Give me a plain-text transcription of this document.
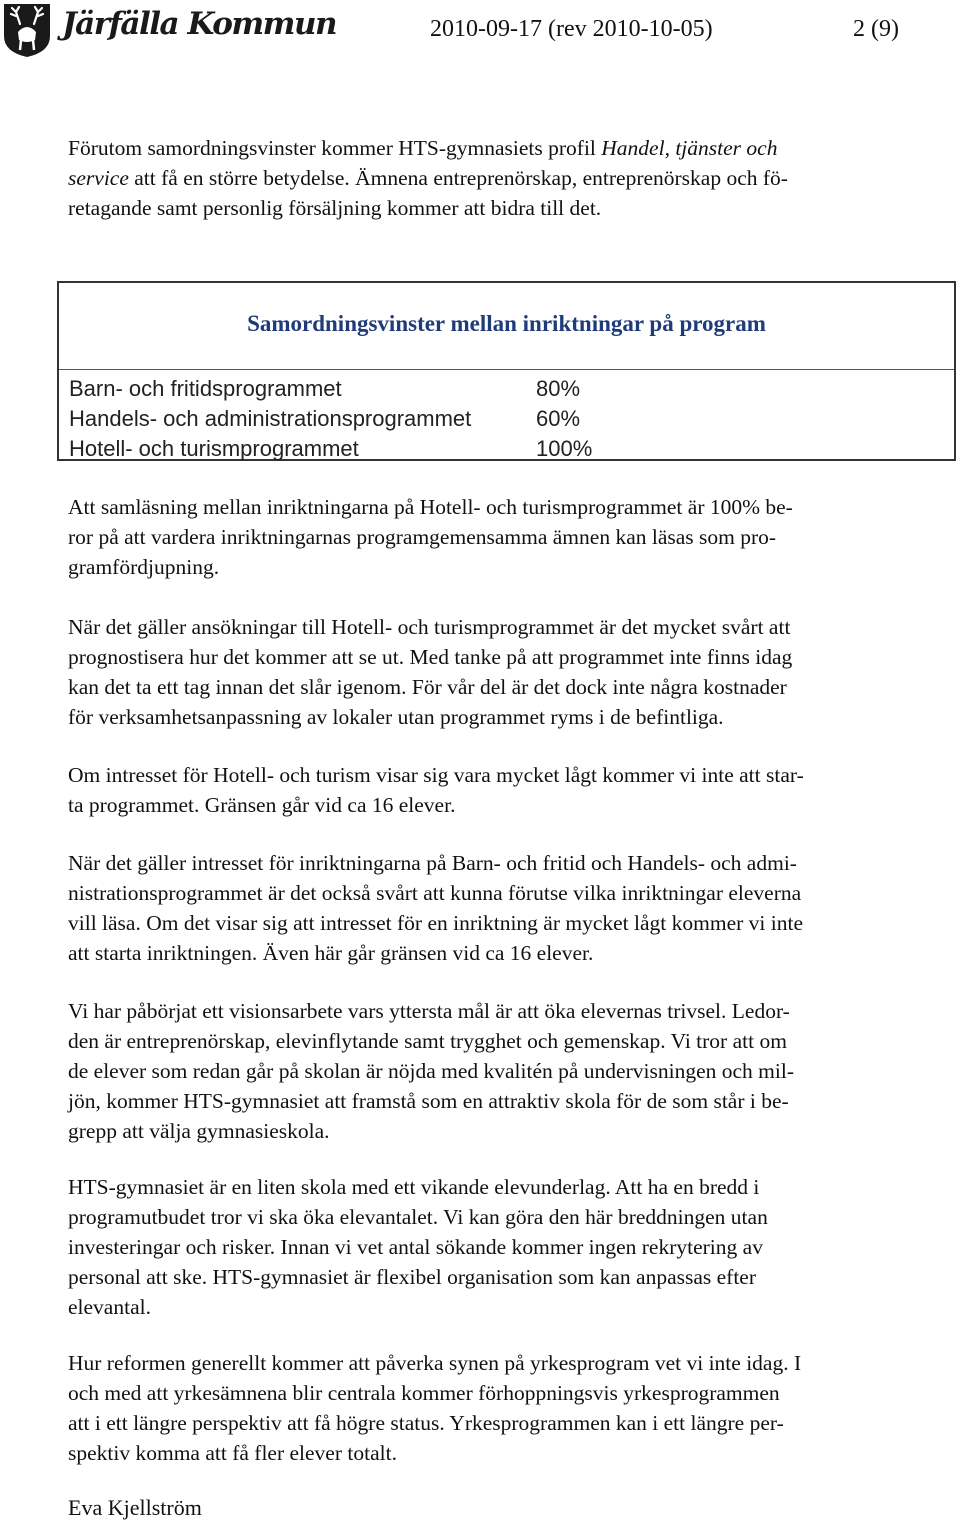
Järfälla Kommun	2010-09-17 (rev 2010-10-05)	2 (9)
Förutom samordningsvinster kommer HTS-gymnasiets profil Handel, tjänster och
service att få en större betydelse. Ämnena entreprenörskap, entreprenörskap och fö-
retagande samt personlig försäljning kommer att bidra till det.
Samordningsvinster mellan inriktningar på program
Barn- och fritidsprogrammet	80%
Handels- och administrationsprogrammet	60%
Hotell- och turismprogrammet	100%
Att samläsning mellan inriktningarna på Hotell- och turismprogrammet är 100% be-
ror på att vardera inriktningarnas programgemensamma ämnen kan läsas som pro-
gramfördjupning.
När det gäller ansökningar till Hotell- och turismprogrammet är det mycket svårt att
prognostisera hur det kommer att se ut. Med tanke på att programmet inte finns idag
kan det ta ett tag innan det slår igenom. För vår del är det dock inte några kostnader
för verksamhetsanpassning av lokaler utan programmet ryms i de befintliga.
Om intresset för Hotell- och turism visar sig vara mycket lågt kommer vi inte att star-
ta programmet. Gränsen går vid ca 16 elever.
När det gäller intresset för inriktningarna på Barn- och fritid och Handels- och admi-
nistrationsprogrammet är det också svårt att kunna förutse vilka inriktningar eleverna
vill läsa. Om det visar sig att intresset för en inriktning är mycket lågt kommer vi inte
att starta inriktningen. Även här går gränsen vid ca 16 elever.
Vi har påbörjat ett visionsarbete vars yttersta mål är att öka elevernas trivsel. Ledor-
den är entreprenörskap, elevinflytande samt trygghet och gemenskap. Vi tror att om
de elever som redan går på skolan är nöjda med kvalitén på undervisningen och mil-
jön, kommer HTS-gymnasiet att framstå som en attraktiv skola för de som står i be-
grepp att välja gymnasieskola.
HTS-gymnasiet är en liten skola med ett vikande elevunderlag. Att ha en bredd i
programutbudet tror vi ska öka elevantalet. Vi kan göra den här breddningen utan
investeringar och risker. Innan vi vet antal sökande kommer ingen rekrytering av
personal att ske. HTS-gymnasiet är flexibel organisation som kan anpassas efter
elevantal.
Hur reformen generellt kommer att påverka synen på yrkesprogram vet vi inte idag. I
och med att yrkesämnena blir centrala kommer förhoppningsvis yrkesprogrammen
att i ett längre perspektiv att få högre status. Yrkesprogrammen kan i ett längre per-
spektiv komma att få fler elever totalt.
Eva Kjellström
